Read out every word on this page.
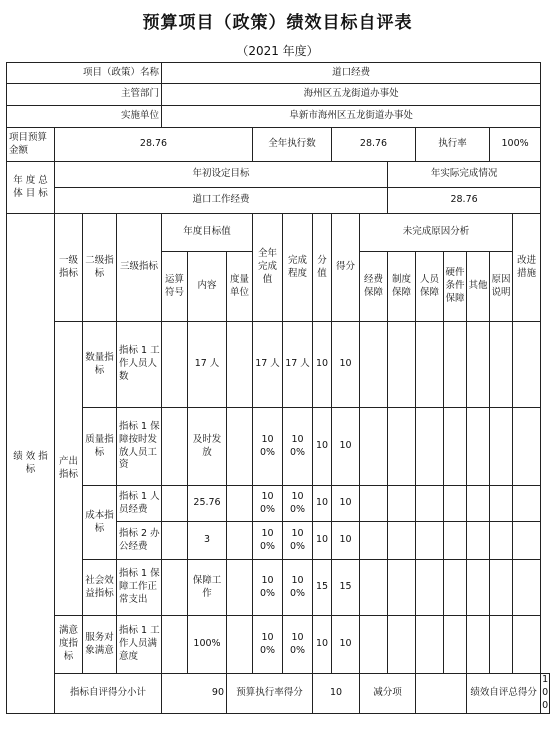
预算项目（政策）绩效目标自评表
（2021 年度）
项目（政策）名称				道口经费														
主管部门				海州区五龙街道办事处														
实施单位				阜新市海州区五龙街道办事处														
项目预算金额	28.76						全年执行数			28.76			执行率			100%		
年 度 总 体 目 标	年初设定目标											年实际完成情况						
	道口工作经费											28.76						
绩 效 指 标	一级指标	二级指标	三级指标	年度目标值			全年完成值	完成程度	分值	得分	未完成原因分析						改进措施	
				运算符号	内容	度量单位					经费保障	制度保障	人员保障	硬件条件保障	其他	原因说明		
	产出指标	数量指标	指标 1 工作人员人数		17 人		17 人	17 人	10	10								
		质量指标	指标 1 保障按时发放人员工资		及时发放		100%	100%	10	10								
		成本指标	指标 1 人员经费		25.76		100%	100%	10	10								
			指标 2 办公经费		3		100%	100%	10	10								
		社会效益指标	指标 1 保障工作正常支出		保障工作		100%	100%	15	15								
	满意度指标	服务对象满意	指标 1 工作人员满意度		100%		100%	100%	10	10								
	指标自评得分小计			90		预算执行率得分			10		减分项				绩效自评总得分			100
